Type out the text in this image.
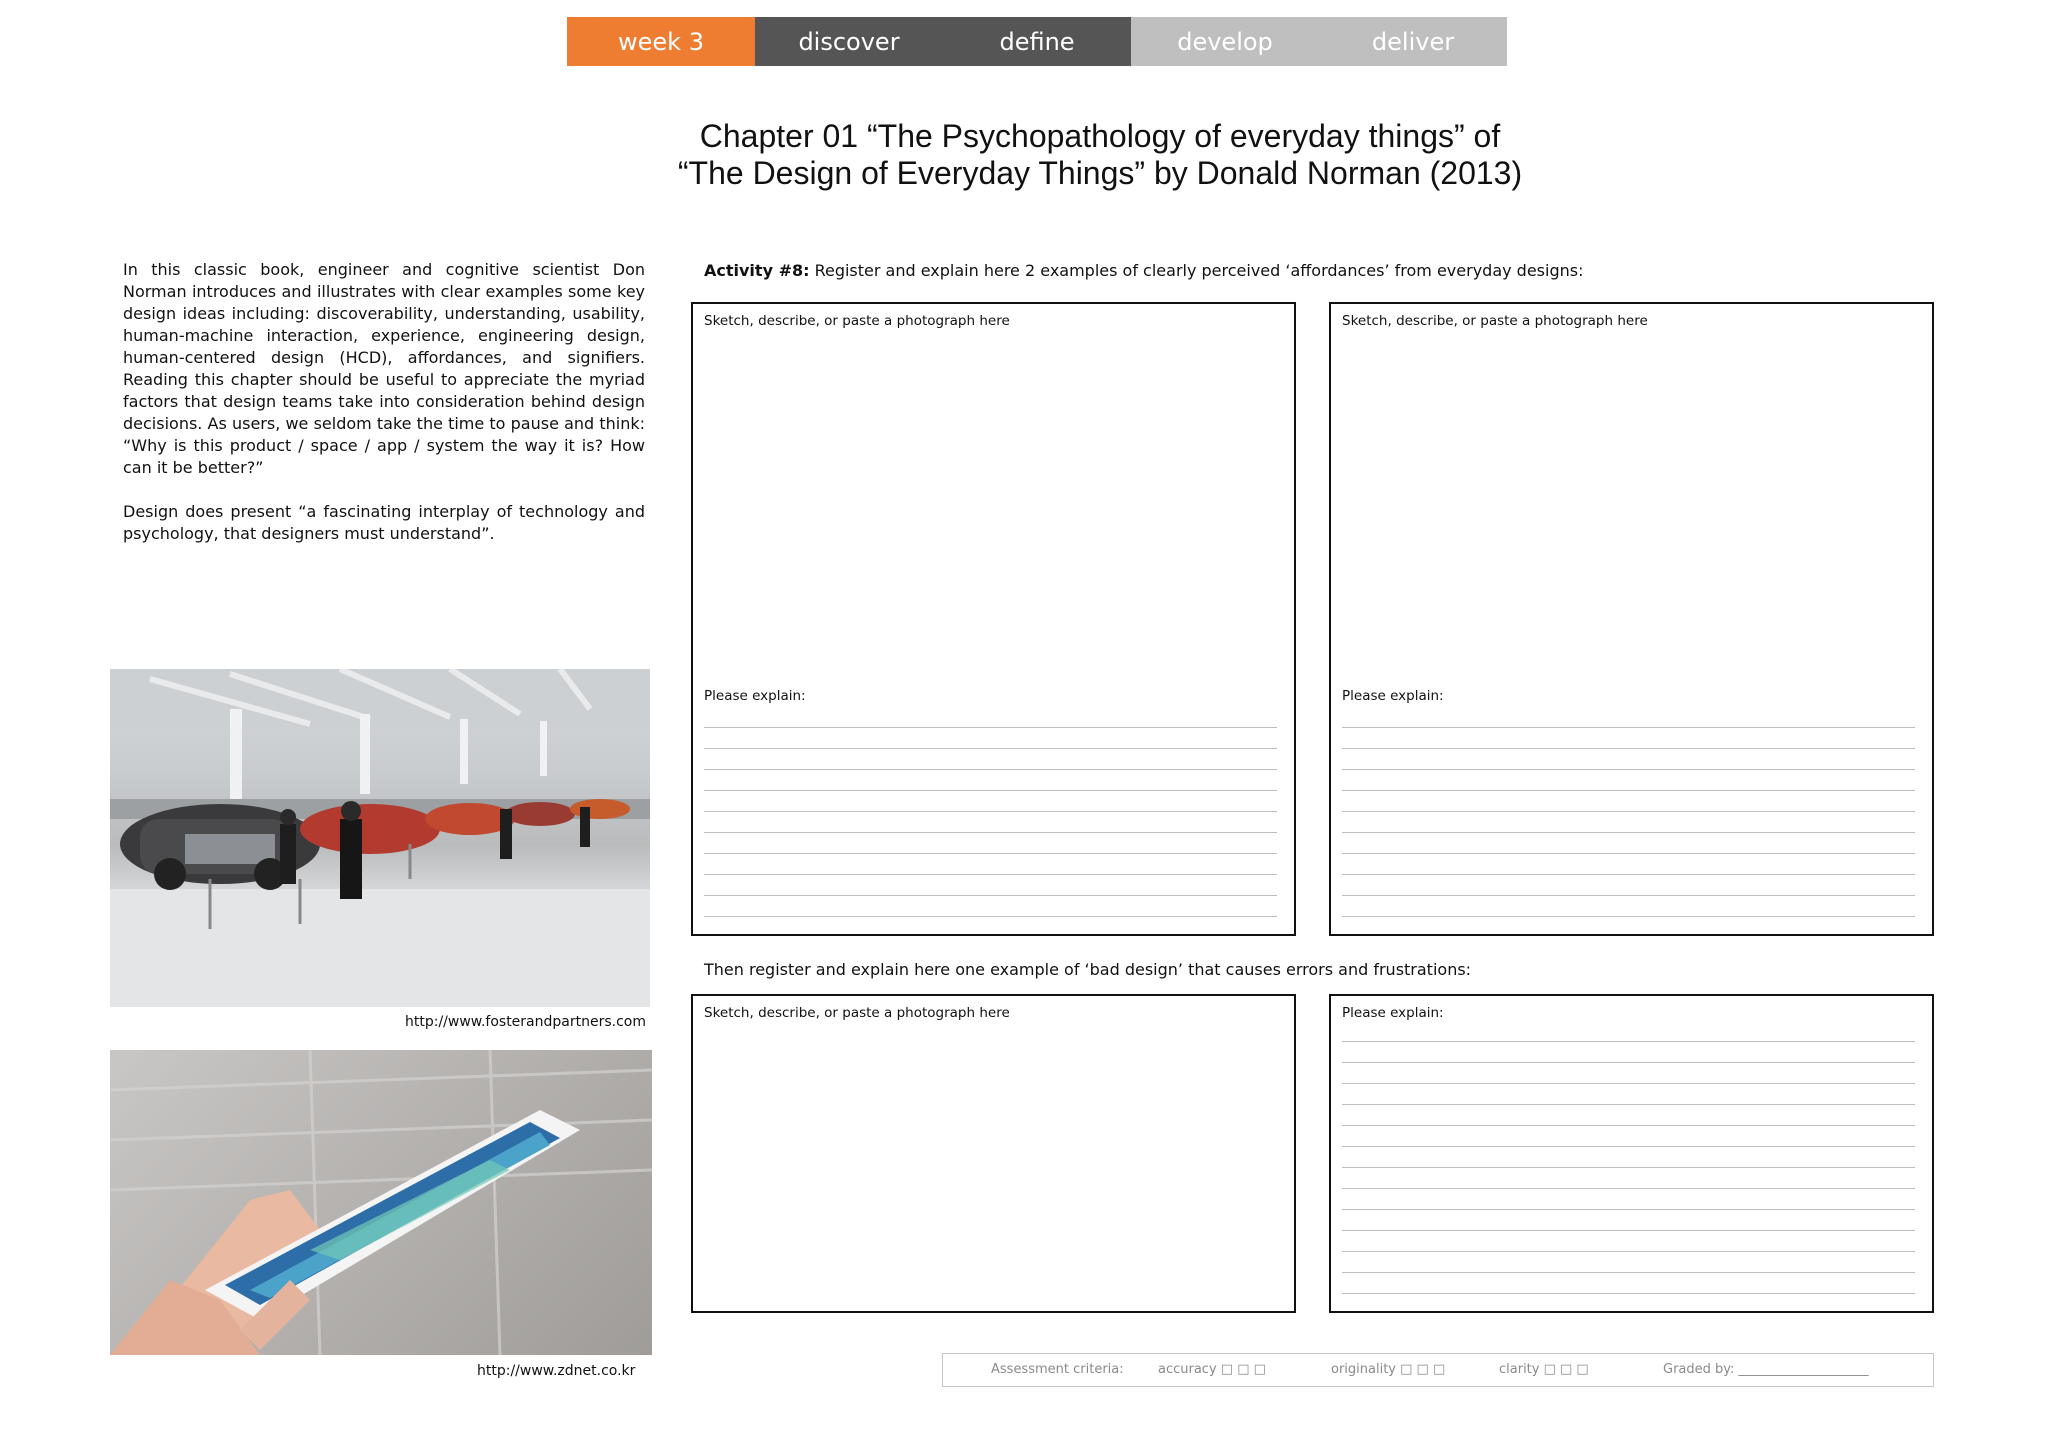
week 3	discover	define	develop	deliver
Chapter 01 “The Psychopathology of everyday things” of
“The Design of Everyday Things” by Donald Norman (2013)

In this classic book, engineer and cognitive scientist Don Norman introduces and illustrates with clear examples some key design ideas including: discoverability, understanding, usability, human-machine interaction, experience, engineering design, human-centered design (HCD), affordances, and signifiers. Reading this chapter should be useful to appreciate the myriad factors that design teams take into consideration behind design decisions. As users, we seldom take the time to pause and think: “Why is this product / space / app / system the way it is? How can it be better?”

Design does present “a fascinating interplay of technology and psychology, that designers must understand”.

http://www.fosterandpartners.com
http://www.zdnet.co.kr
Activity #8: Register and explain here 2 examples of clearly perceived ‘affordances’ from everyday designs:
Sketch, describe, or paste a photograph here
Please explain:
Sketch, describe, or paste a photograph here
Please explain:
Then register and explain here one example of ‘bad design’ that causes errors and frustrations:
Sketch, describe, or paste a photograph here	Please explain:
Assessment criteria:	accuracy □ □ □	originality □ □ □	clarity □ □ □	Graded by: ____________________
